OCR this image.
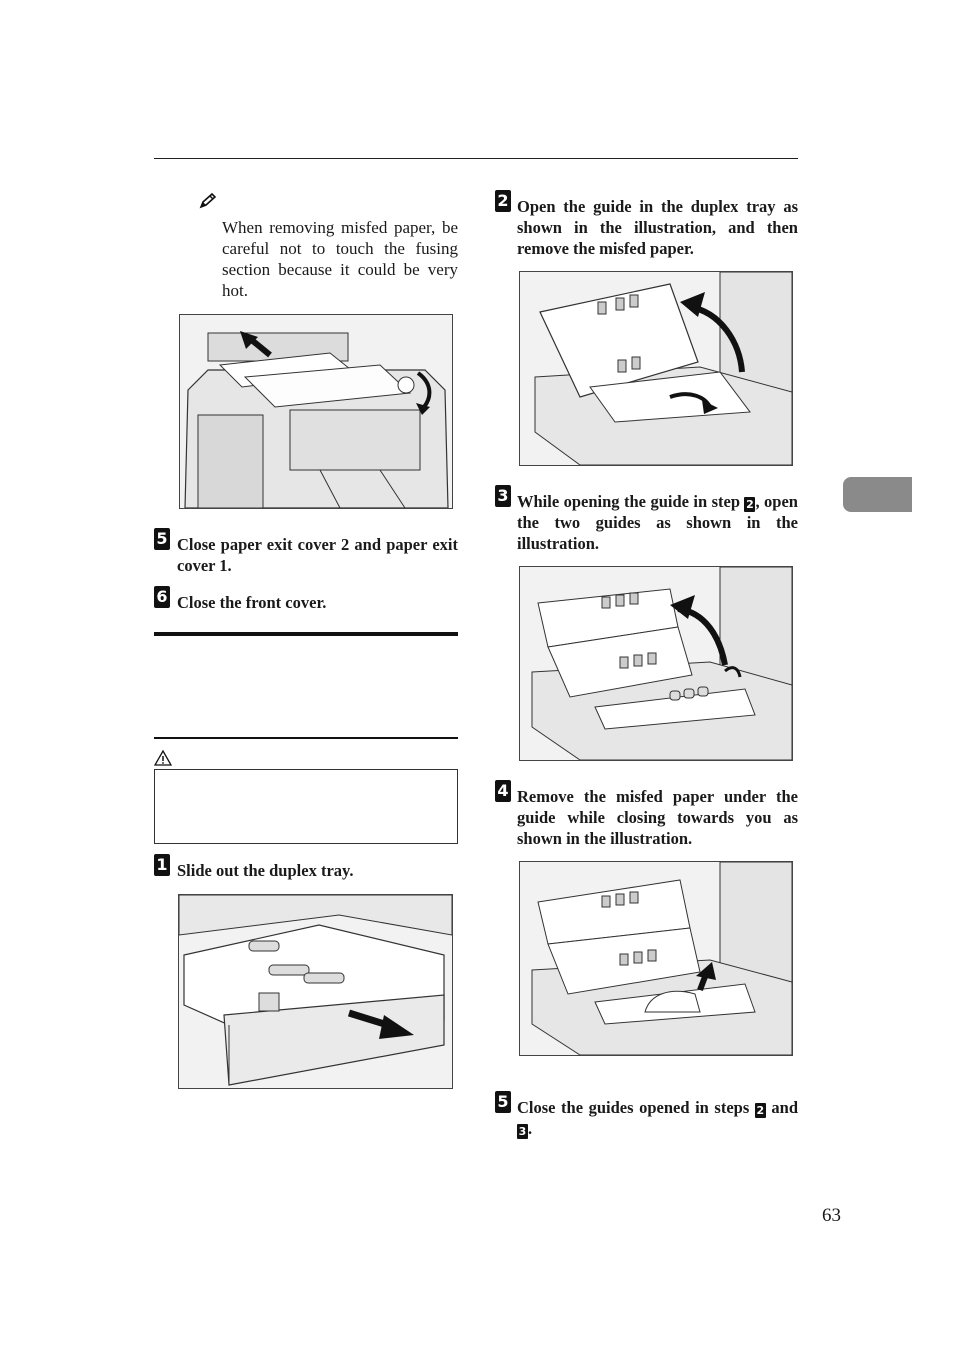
When removing misfed paper, be careful not to touch the fusing section because it could be very hot.
5 Close paper exit cover 2 and paper exit cover 1.
6 Close the front cover.
1 Slide out the duplex tray.
2 Open the guide in the duplex tray as shown in the illustration, and then remove the misfed paper.
3 While opening the guide in step 2 , open the two guides as shown in the illustration.
4 Remove the misfed paper under the guide while closing towards you as shown in the illustration.
5 Close the guides opened in steps 2 and 3 .
63
